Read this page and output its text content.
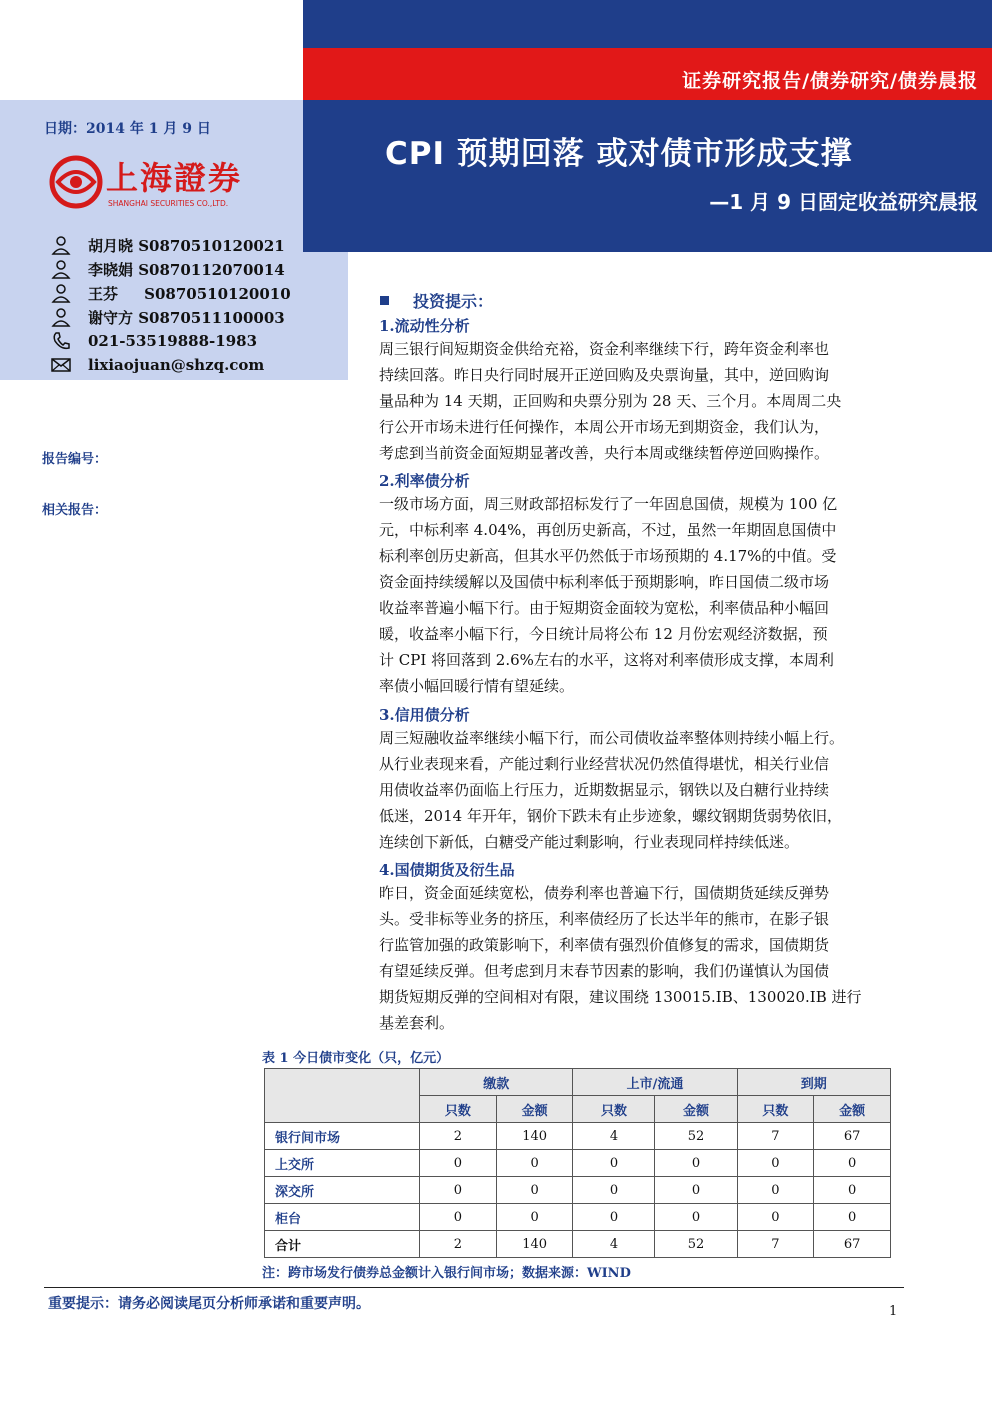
证券研究报告/债券研究/债券晨报
CPI 预期回落 或对债市形成支撑
—1 月 9 日固定收益研究晨报
日期：2014 年 1 月 9 日
上海證券
SHANGHAI SECURITIES CO.,LTD.
胡月晓 S0870510120021
李晓娟 S0870112070014
王芬     S0870510120010
谢守方 S0870511100003
021-53519888-1983
lixiaojuan@shzq.com
报告编号：
相关报告：
投资提示：
1.流动性分析
周三银行间短期资金供给充裕，资金利率继续下行，跨年资金利率也
持续回落。昨日央行同时展开正逆回购及央票询量，其中，逆回购询
量品种为 14 天期，正回购和央票分别为 28 天、三个月。本周周二央
行公开市场未进行任何操作，本周公开市场无到期资金，我们认为，
考虑到当前资金面短期显著改善，央行本周或继续暂停逆回购操作。
2.利率债分析
一级市场方面，周三财政部招标发行了一年固息国债，规模为 100 亿
元，中标利率 4.04%，再创历史新高，不过，虽然一年期固息国债中
标利率创历史新高，但其水平仍然低于市场预期的 4.17%的中值。受
资金面持续缓解以及国债中标利率低于预期影响，昨日国债二级市场
收益率普遍小幅下行。由于短期资金面较为宽松，利率债品种小幅回
暖，收益率小幅下行，今日统计局将公布 12 月份宏观经济数据，预
计 CPI 将回落到 2.6%左右的水平，这将对利率债形成支撑，本周利
率债小幅回暖行情有望延续。
3.信用债分析
周三短融收益率继续小幅下行，而公司债收益率整体则持续小幅上行。
从行业表现来看，产能过剩行业经营状况仍然值得堪忧，相关行业信
用债收益率仍面临上行压力，近期数据显示，钢铁以及白糖行业持续
低迷，2014 年开年，钢价下跌未有止步迹象，螺纹钢期货弱势依旧，
连续创下新低，白糖受产能过剩影响，行业表现同样持续低迷。
4.国债期货及衍生品
昨日，资金面延续宽松，债券利率也普遍下行，国债期货延续反弹势
头。受非标等业务的挤压，利率债经历了长达半年的熊市，在影子银
行监管加强的政策影响下，利率债有强烈价值修复的需求，国债期货
有望延续反弹。但考虑到月末春节因素的影响，我们仍谨慎认为国债
期货短期反弹的空间相对有限，建议围绕 130015.IB、130020.IB 进行
基差套利。
表 1 今日债市变化（只，亿元）
	缴款		上市/流通		到期	
	只数	金额	只数	金额	只数	金额
银行间市场	2	140	4	52	7	67
上交所	0	0	0	0	0	0
深交所	0	0	0	0	0	0
柜台	0	0	0	0	0	0
合计	2	140	4	52	7	67
注：跨市场发行债券总金额计入银行间市场；数据来源：WIND
重要提示：请务必阅读尾页分析师承诺和重要声明。	1
